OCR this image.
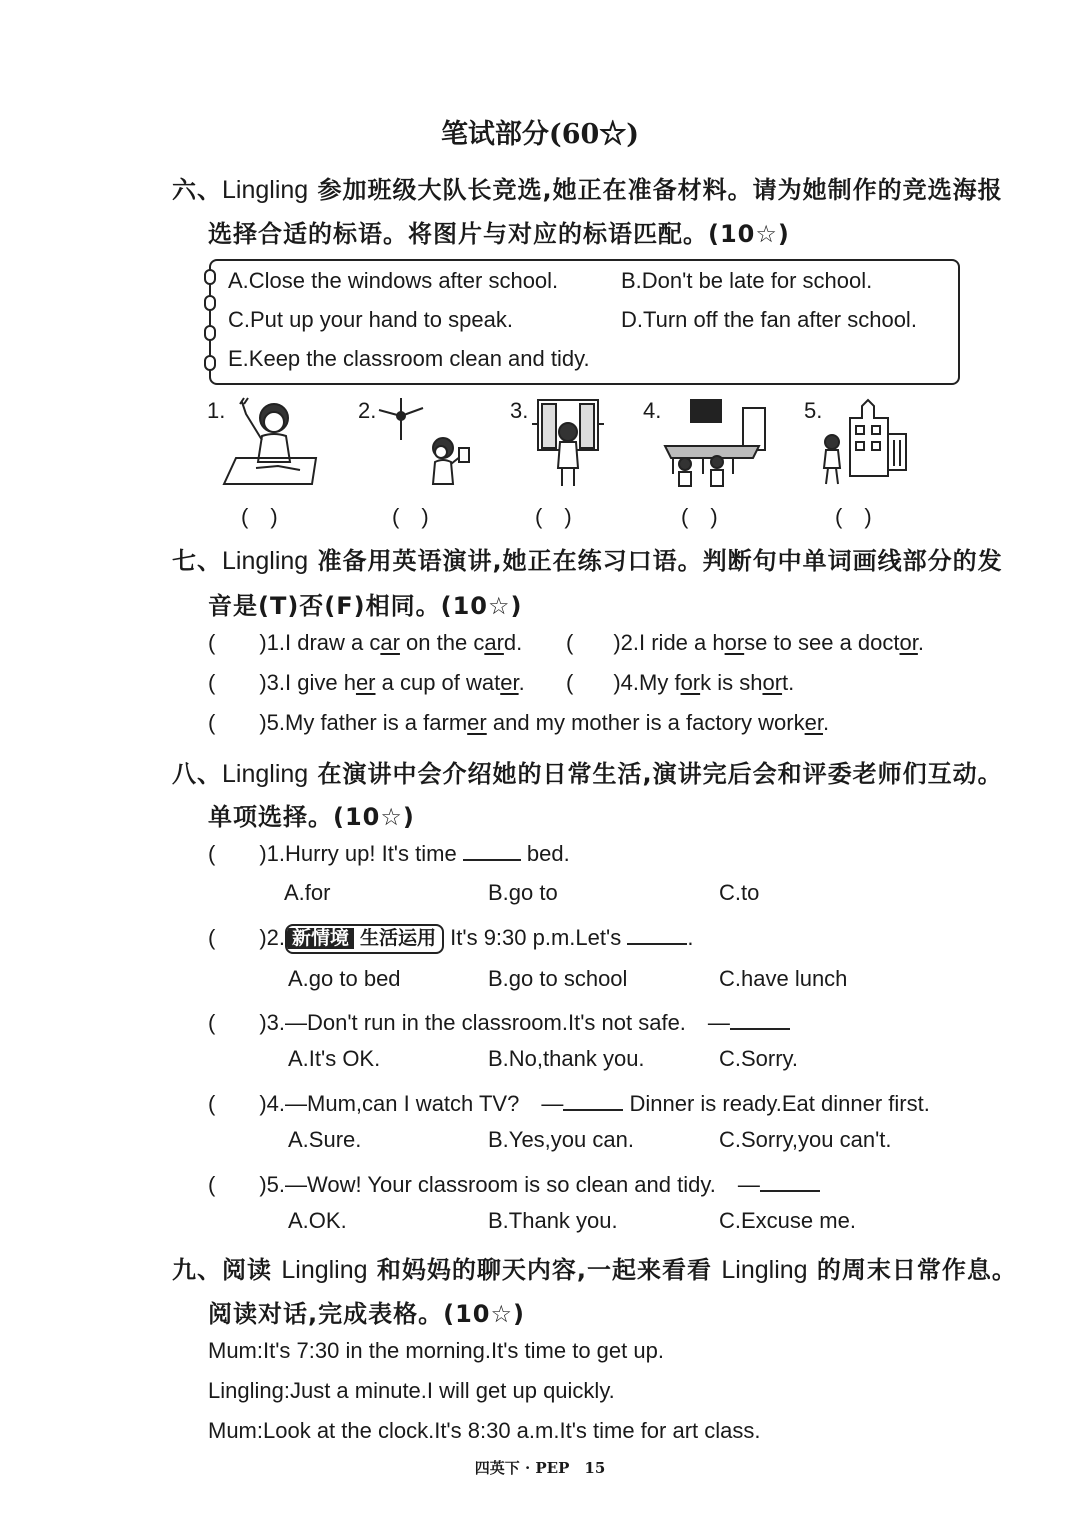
笔试部分(60☆)
六、Lingling 参加班级大队长竞选,她正在准备材料。请为她制作的竞选海报
选择合适的标语。将图片与对应的标语匹配。(10☆)
A.Close the windows after school.	B.Don't be late for school.
C.Put up your hand to speak.	D.Turn off the fan after school.
E.Keep the classroom clean and tidy.
1.	2.	3.	4.	5.
(　)	(　)	(　)	(　)	(　)
七、Lingling 准备用英语演讲,她正在练习口语。判断句中单词画线部分的发
音是(T)否(F)相同。(10☆)
( )1.I draw a car on the card. ( )2.I ride a horse to see a doctor.
( )3.I give her a cup of water. ( )4.My fork is short.
( )5.My father is a farmer and my mother is a factory worker.
八、Lingling 在演讲中会介绍她的日常生活,演讲完后会和评委老师们互动。
单项选择。(10☆)
( )1.Hurry up! It's time	bed.
A.for	B.go to	C.to
( )2. 新情境 生活运用 It's 9:30 p.m.Let's	.
A.go to bed	B.go to school	C.have lunch
( )3.—Don't run in the classroom.It's not safe.　—
A.It's OK.	B.No,thank you.	C.Sorry.
( )4.—Mum,can I watch TV?　—	Dinner is ready.Eat dinner first.
A.Sure.	B.Yes,you can.	C.Sorry,you can't.
( )5.—Wow! Your classroom is so clean and tidy.　—
A.OK.	B.Thank you.	C.Excuse me.
九、阅读 Lingling 和妈妈的聊天内容,一起来看看 Lingling 的周末日常作息。
阅读对话,完成表格。(10☆)
Mum:It's 7:30 in the morning.It's time to get up.
Lingling:Just a minute.I will get up quickly.
Mum:Look at the clock.It's 8:30 a.m.It's time for art class.
四英下 · PEP　15
